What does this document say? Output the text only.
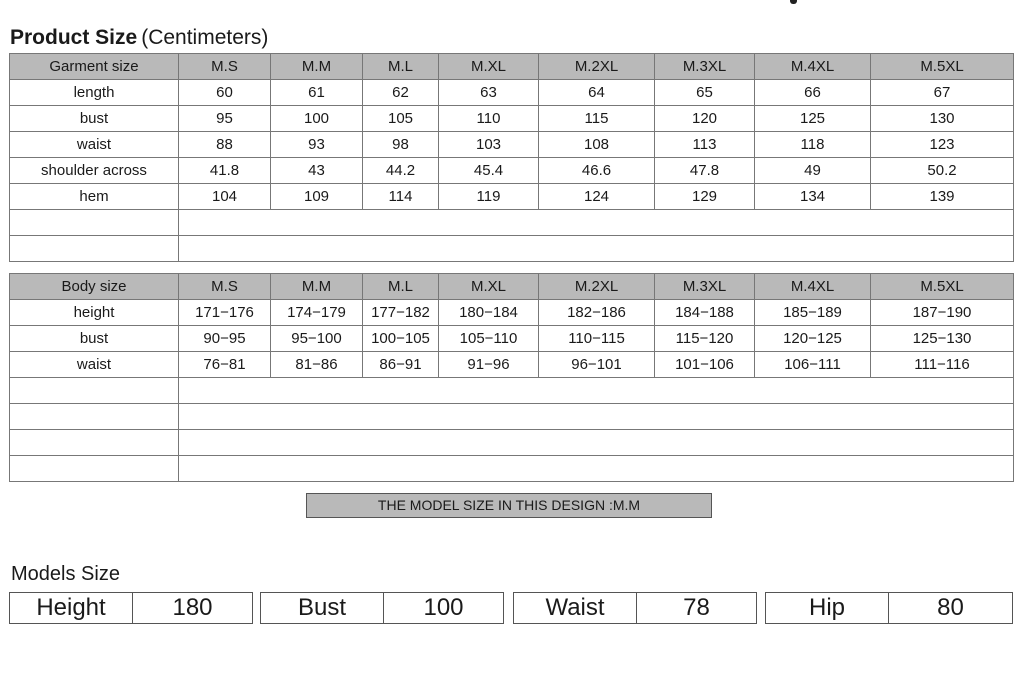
Product Size (Centimeters)
Garment size	M.S	M.M	M.L	M.XL	M.2XL	M.3XL	M.4XL	M.5XL
length	60	61	62	63	64	65	66	67
bust	95	100	105	110	115	120	125	130
waist	88	93	98	103	108	113	118	123
shoulder across	41.8	43	44.2	45.4	46.6	47.8	49	50.2
hem	104	109	114	119	124	129	134	139

Body size	M.S	M.M	M.L	M.XL	M.2XL	M.3XL	M.4XL	M.5XL
height	171−176	174−179	177−182	180−184	182−186	184−188	185−189	187−190
bust	90−95	95−100	100−105	105−110	110−115	115−120	120−125	125−130
waist	76−81	81−86	86−91	91−96	96−101	101−106	106−111	111−116

THE MODEL SIZE IN THIS DESIGN :M.M
Models Size
Height	180	Bust	100	Waist	78	Hip	80
